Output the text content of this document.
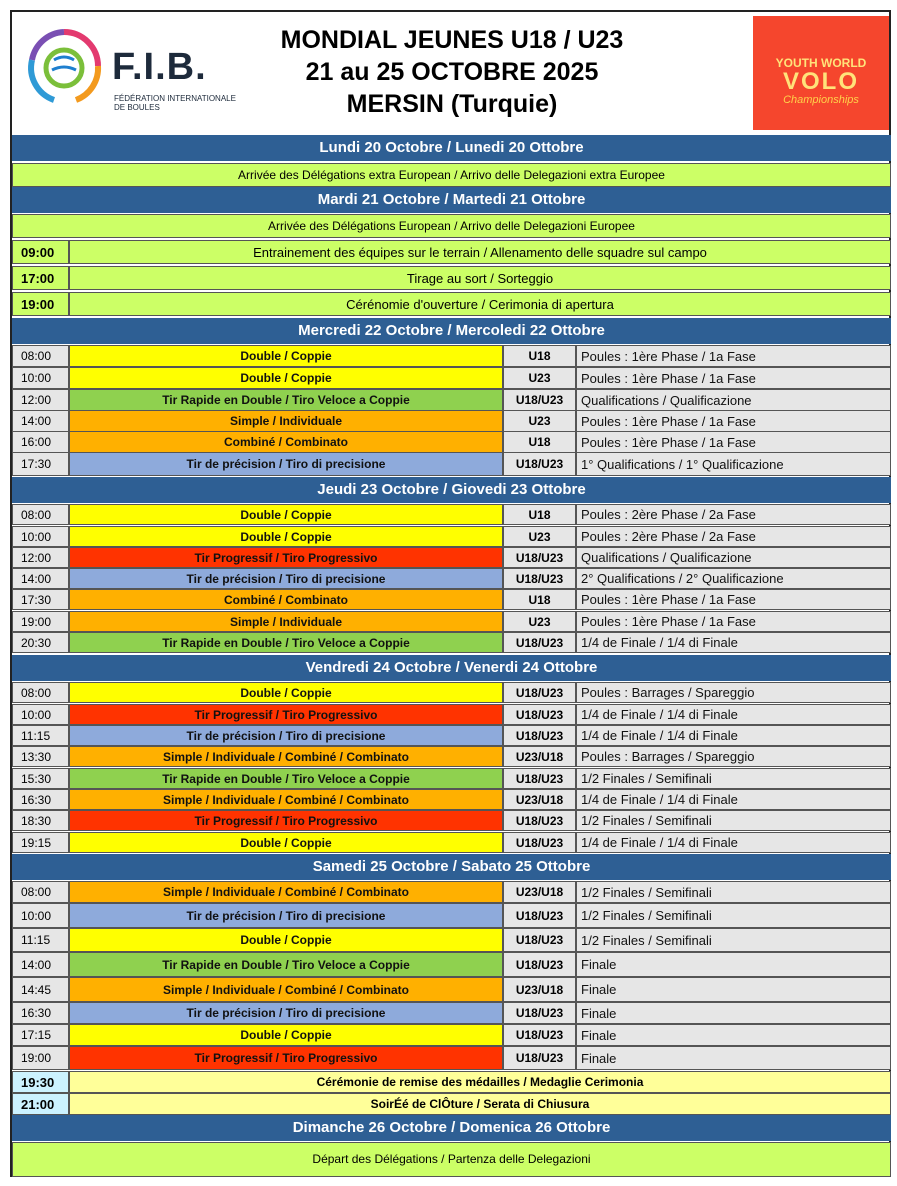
F.I.B.
FÉDÉRATION INTERNATIONALE
DE BOULES
MONDIAL JEUNES U18 / U23
21 au 25 OCTOBRE 2025
MERSIN (Turquie)
YOUTH WORLD
VOLO
Championships
Lundi 20 Octobre / Lunedi 20 Ottobre
Arrivée des Délégations extra European / Arrivo delle Delegazioni extra Europee
Mardi 21 Octobre / Martedi 21 Ottobre
Arrivée des Délégations European / Arrivo delle Delegazioni Europee
09:00	Entrainement des équipes sur le terrain / Allenamento delle squadre sul campo
17:00	Tirage au sort / Sorteggio
19:00	Cérénomie d'ouverture / Cerimonia di apertura
Mercredi 22 Octobre / Mercoledi 22 Ottobre
08:00	Double / Coppie	U18	Poules : 1ère Phase / 1a Fase
10:00	Double / Coppie	U23	Poules : 1ère Phase / 1a Fase
12:00	Tir Rapide en Double / Tiro Veloce a Coppie	U18/U23	Qualifications / Qualificazione
14:00	Simple / Individuale	U23	Poules : 1ère Phase / 1a Fase
16:00	Combiné / Combinato	U18	Poules : 1ère Phase / 1a Fase
17:30	Tir de précision / Tiro di precisione	U18/U23	1° Qualifications / 1° Qualificazione
Jeudi 23 Octobre / Giovedi 23 Ottobre
08:00	Double / Coppie	U18	Poules : 2ère Phase / 2a Fase
10:00	Double / Coppie	U23	Poules : 2ère Phase / 2a Fase
12:00	Tir Progressif / Tiro Progressivo	U18/U23	Qualifications / Qualificazione
14:00	Tir de précision / Tiro di precisione	U18/U23	2° Qualifications / 2° Qualificazione
17:30	Combiné / Combinato	U18	Poules : 1ère Phase / 1a Fase
19:00	Simple / Individuale	U23	Poules : 1ère Phase / 1a Fase
20:30	Tir Rapide en Double / Tiro Veloce a Coppie	U18/U23	1/4 de Finale / 1/4 di Finale
Vendredi 24 Octobre / Venerdi 24 Ottobre
08:00	Double / Coppie	U18/U23	Poules : Barrages / Spareggio
10:00	Tir Progressif / Tiro Progressivo	U18/U23	1/4 de Finale / 1/4 di Finale
11:15	Tir de précision / Tiro di precisione	U18/U23	1/4 de Finale / 1/4 di Finale
13:30	Simple / Individuale / Combiné / Combinato	U23/U18	Poules : Barrages / Spareggio
15:30	Tir Rapide en Double / Tiro Veloce a Coppie	U18/U23	1/2 Finales / Semifinali
16:30	Simple / Individuale / Combiné / Combinato	U23/U18	1/4 de Finale / 1/4 di Finale
18:30	Tir Progressif / Tiro Progressivo	U18/U23	1/2 Finales / Semifinali
19:15	Double / Coppie	U18/U23	1/4 de Finale / 1/4 di Finale
Samedi 25 Octobre / Sabato 25 Ottobre
08:00	Simple / Individuale / Combiné / Combinato	U23/U18	1/2 Finales / Semifinali
10:00	Tir de précision / Tiro di precisione	U18/U23	1/2 Finales / Semifinali
11:15	Double / Coppie	U18/U23	1/2 Finales / Semifinali
14:00	Tir Rapide en Double / Tiro Veloce a Coppie	U18/U23	Finale
14:45	Simple / Individuale / Combiné / Combinato	U23/U18	Finale
16:30	Tir de précision / Tiro di precisione	U18/U23	Finale
17:15	Double / Coppie	U18/U23	Finale
19:00	Tir Progressif / Tiro Progressivo	U18/U23	Finale
19:30	Cérémonie de remise des médailles / Medaglie Cerimonia
21:00	SoirÉé de ClÔture / Serata di Chiusura
Dimanche 26 Octobre / Domenica 26 Ottobre
Départ des Délégations / Partenza delle Delegazioni
